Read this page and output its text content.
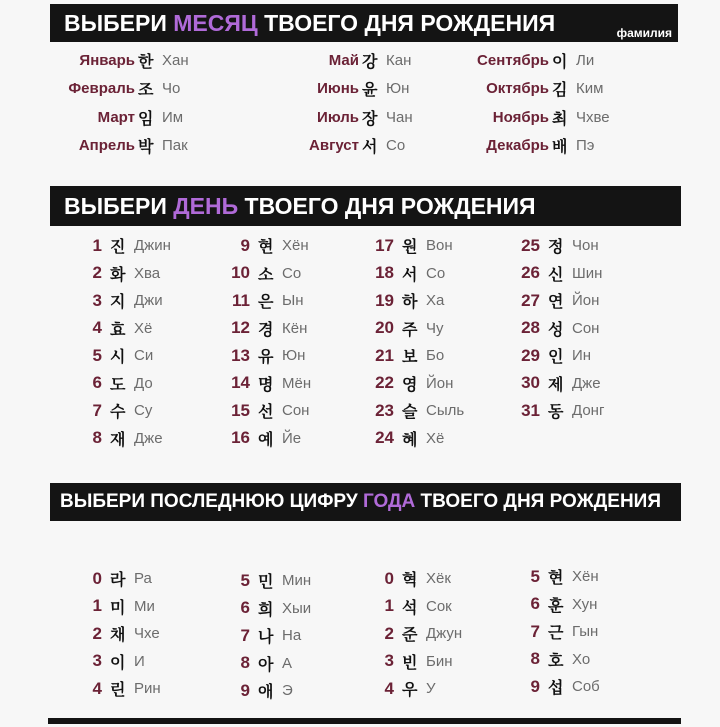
ВЫБЕРИ МЕСЯЦ ТВОЕГО ДНЯ РОЖДЕНИЯ	фамилия
Январь 한 Хан
Февраль 조 Чо
Март 임 Им
Апрель 박 Пак
Май 강 Кан
Июнь 윤 Юн
Июль 장 Чан
Август 서 Со
Сентябрь 이 Ли
Октябрь 김 Ким
Ноябрь 최 Чхве
Декабрь 배 Пэ
ВЫБЕРИ ДЕНЬ ТВОЕГО ДНЯ РОЖДЕНИЯ
1 진 Джин
2 화 Хва
3 지 Джи
4 효 Хё
5 시 Си
6 도 До
7 수 Су
8 재 Дже
9 현 Хён
10 소 Со
11 은 Ын
12 경 Кён
13 유 Юн
14 명 Мён
15 선 Сон
16 예 Йе
17 원 Вон
18 서 Со
19 하 Ха
20 주 Чу
21 보 Бо
22 영 Йон
23 슬 Сыль
24 혜 Хё
25 정 Чон
26 신 Шин
27 연 Йон
28 성 Сон
29 인 Ин
30 제 Дже
31 동 Донг
ВЫБЕРИ ПОСЛЕДНЮЮ ЦИФРУ ГОДА ТВОЕГО ДНЯ РОЖДЕНИЯ
0 라 Ра
1 미 Ми
2 채 Чхе
3 이 И
4 린 Рин
5 민 Мин
6 희 Хыи
7 나 На
8 아 А
9 애 Э
0 혁 Хёк
1 석 Сок
2 준 Джун
3 빈 Бин
4 우 У
5 현 Хён
6 훈 Хун
7 근 Гын
8 호 Хо
9 섭 Соб
